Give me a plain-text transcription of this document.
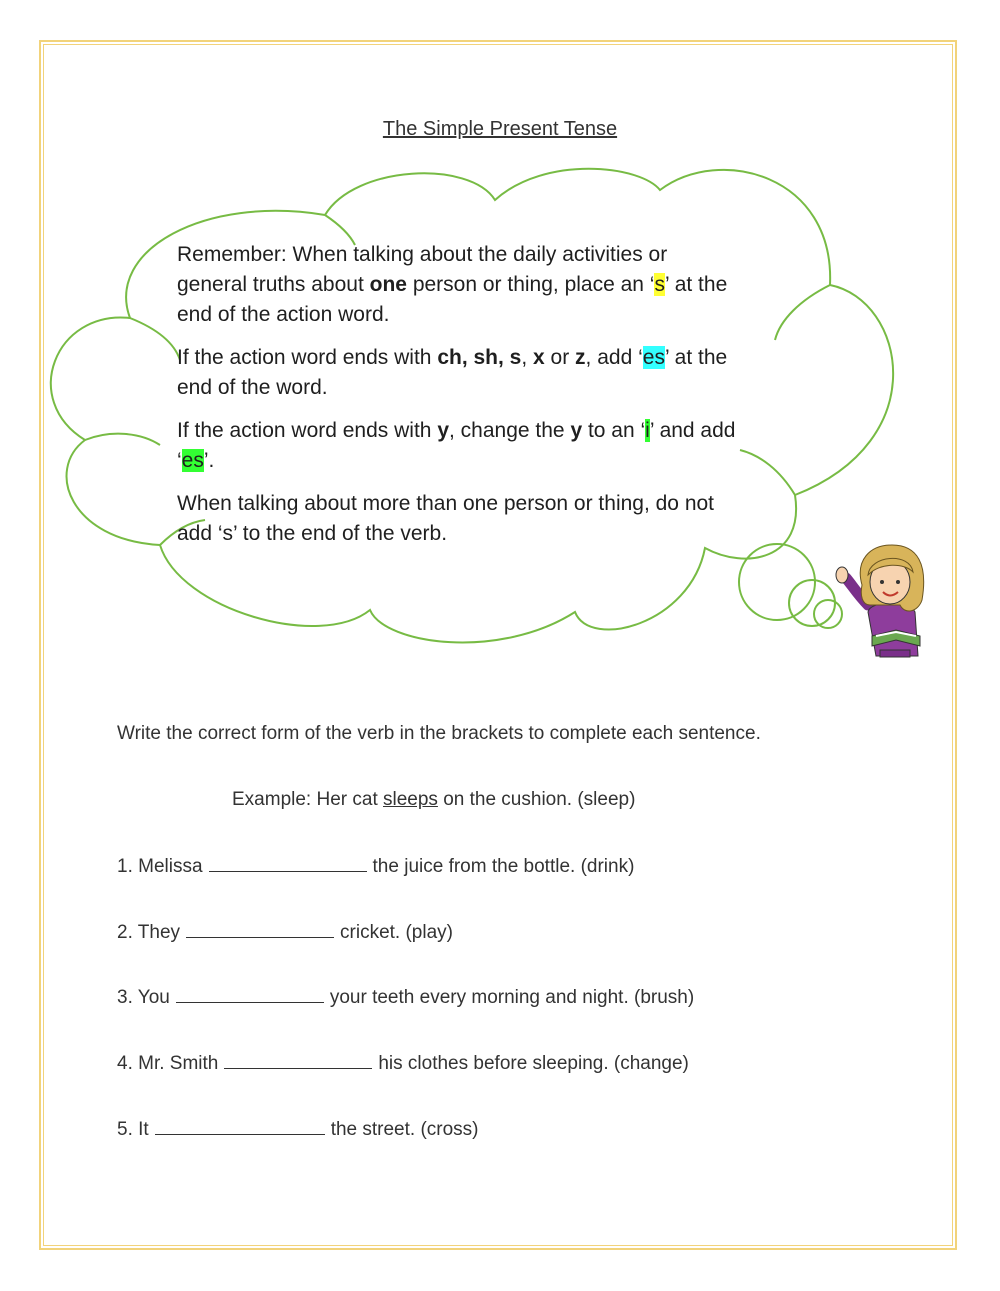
The Simple Present Tense

Remember: When talking about the daily activities or general truths about one person or thing, place an ‘s’ at the end of the action word.

If the action word ends with ch, sh, s, x or z, add ‘es’ at the end of the word.

If the action word ends with y, change the y to an ‘i’ and add ‘es’.

When talking about more than one person or thing, do not add ‘s’ to the end of the verb.

Write the correct form of the verb in the brackets to complete each sentence.
Example: Her cat sleeps on the cushion. (sleep)
1. Melissa	the juice from the bottle. (drink)
2. They	cricket. (play)
3. You	your teeth every morning and night. (brush)
4. Mr. Smith	his clothes before sleeping. (change)
5. It	the street. (cross)
